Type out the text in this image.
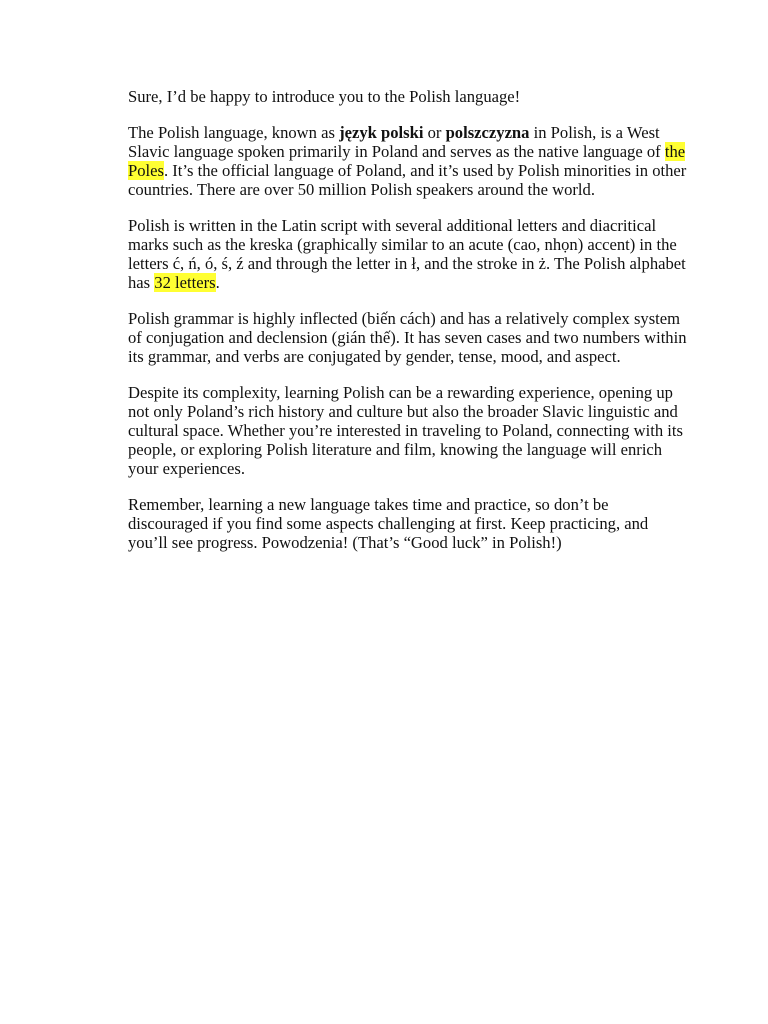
Sure, I’d be happy to introduce you to the Polish language!

The Polish language, known as język polski or polszczyzna in Polish, is a West Slavic language spoken primarily in Poland and serves as the native language of the Poles. It’s the official language of Poland, and it’s used by Polish minorities in other countries. There are over 50 million Polish speakers around the world.

Polish is written in the Latin script with several additional letters and diacritical marks such as the kreska (graphically similar to an acute (cao, nhọn) accent) in the letters ć, ń, ó, ś, ź and through the letter in ł, and the stroke in ż. The Polish alphabet has 32 letters.

Polish grammar is highly inflected (biến cách) and has a relatively complex system of conjugation and declension (gián thế). It has seven cases and two numbers within its grammar, and verbs are conjugated by gender, tense, mood, and aspect.

Despite its complexity, learning Polish can be a rewarding experience, opening up not only Poland’s rich history and culture but also the broader Slavic linguistic and cultural space. Whether you’re interested in traveling to Poland, connecting with its people, or exploring Polish literature and film, knowing the language will enrich your experiences.

Remember, learning a new language takes time and practice, so don’t be discouraged if you find some aspects challenging at first. Keep practicing, and you’ll see progress. Powodzenia! (That’s “Good luck” in Polish!)
